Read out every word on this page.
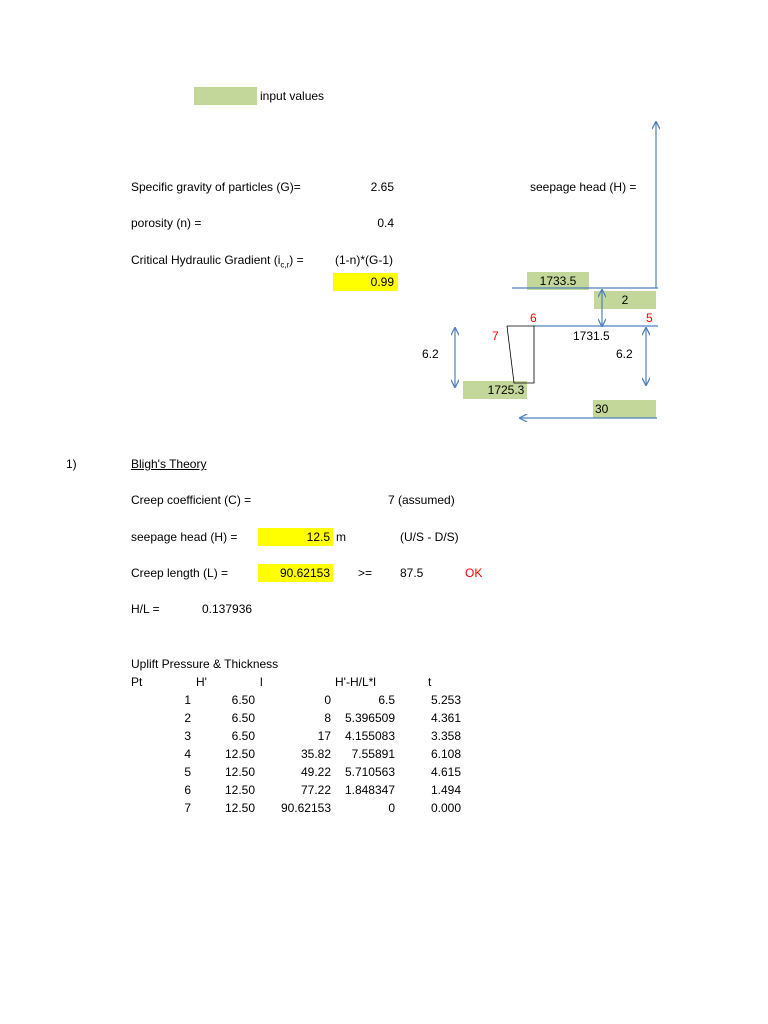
input values
Specific gravity of particles (G)=	2.65
porosity (n) =	0.4
Critical Hydraulic Gradient $(i_{c,r})$ =	(1-n)*(G-1)
0.99
seepage head (H) =
1733.5
2
6	5
7	1731.5
6.2	6.2
1725.3
30
1)	Bligh's Theory
Creep coefficient (C) =	7 (assumed)
seepage head (H) =	12.5 m	(U/S - D/S)
Creep length (L) =	90.62153 >= 87.5	OK
H/L =	0.137936
Uplift Pressure & Thickness
Pt	H'	l	H'-H/L*l	t
1	6.50	0	6.5	5.253
2	6.50	8	5.396509	4.361
3	6.50	17	4.155083	3.358
4	12.50	35.82	7.55891	6.108
5	12.50	49.22	5.710563	4.615
6	12.50	77.22	1.848347	1.494
7	12.50	90.62153	0	0.000
